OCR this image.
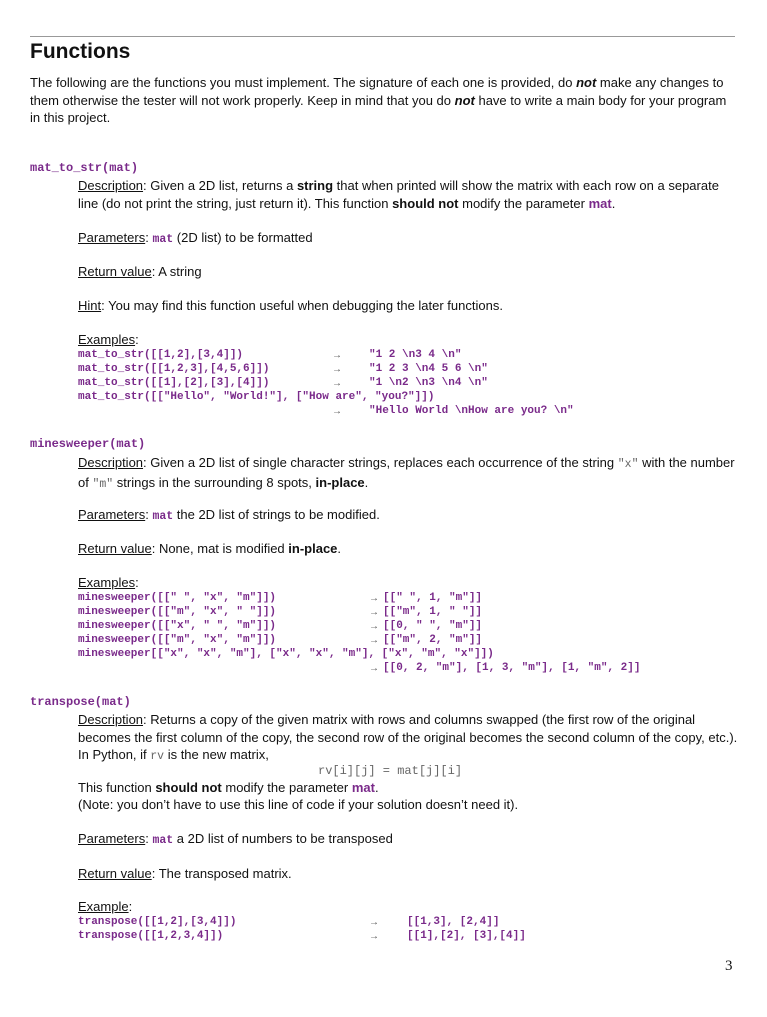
Functions
The following are the functions you must implement. The signature of each one is provided, do not make any changes to them otherwise the tester will not work properly. Keep in mind that you do not have to write a main body for your program in this project.
mat_to_str(mat)
Description: Given a 2D list, returns a string that when printed will show the matrix with each row on a separate line (do not print the string, just return it). This function should not modify the parameter mat.
Parameters: mat (2D list) to be formatted
Return value: A string
Hint: You may find this function useful when debugging the later functions.
Examples:
mat_to_str([[1,2],[3,4]])
mat_to_str([[1,2,3],[4,5,6]])
mat_to_str([[1],[2],[3],[4]])
mat_to_str([["Hello", "World!"], ["How are", "you?"]])
→
→
→
→
"1 2 \n3 4 \n"
"1 2 3 \n4 5 6 \n"
"1 \n2 \n3 \n4 \n"
"Hello World \nHow are you? \n"
minesweeper(mat)
Description: Given a 2D list of single character strings, replaces each occurrence of the string "x" with the number of "m" strings in the surrounding 8 spots, in-place.
Parameters: mat the 2D list of strings to be modified.
Return value: None, mat is modified in-place.
Examples:
minesweeper([[" ", "x", "m"]])
minesweeper([["m", "x", " "]])
minesweeper([["x", " ", "m"]])
minesweeper([["m", "x", "m"]])
minesweeper[["x", "x", "m"], ["x", "x", "m"], ["x", "m", "x"]])
→
→
→
→
→
[[" ", 1, "m"]]
[["m", 1, " "]]
[[0, " ", "m"]]
[["m", 2, "m"]]
[[0, 2, "m"], [1, 3, "m"], [1, "m", 2]]
transpose(mat)
Description: Returns a copy of the given matrix with rows and columns swapped (the first row of the original becomes the first column of the copy, the second row of the original becomes the second column of the copy, etc.). In Python, if rv is the new matrix,
rv[i][j] = mat[j][i]
This function should not modify the parameter mat.
(Note: you don’t have to use this line of code if your solution doesn’t need it).
Parameters: mat a 2D list of numbers to be transposed
Return value: The transposed matrix.
Example:
transpose([[1,2],[3,4]])
transpose([[1,2,3,4]])
→
→
[[1,3], [2,4]]
[[1],[2], [3],[4]]
3
